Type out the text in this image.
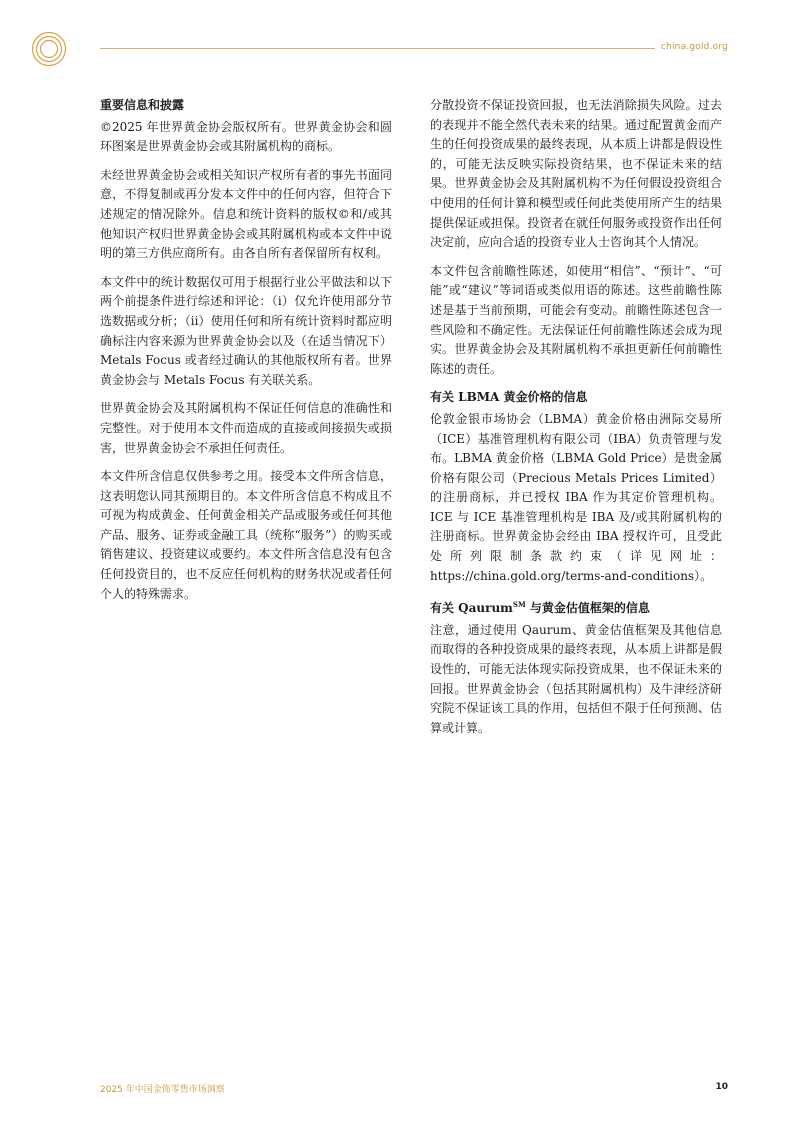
china.gold.org
重要信息和披露

©2025 年世界黄金协会版权所有。世界黄金协会和圆环图案是世界黄金协会或其附属机构的商标。

未经世界黄金协会或相关知识产权所有者的事先书面同意，不得复制或再分发本文件中的任何内容，但符合下述规定的情况除外。信息和统计资料的版权©和/或其他知识产权归世界黄金协会或其附属机构或本文件中说明的第三方供应商所有。由各自所有者保留所有权利。

本文件中的统计数据仅可用于根据行业公平做法和以下两个前提条件进行综述和评论：（i）仅允许使用部分节选数据或分析；（ii）使用任何和所有统计资料时都应明确标注内容来源为世界黄金协会以及（在适当情况下）Metals Focus 或者经过确认的其他版权所有者。世界黄金协会与 Metals Focus 有关联关系。

世界黄金协会及其附属机构不保证任何信息的准确性和完整性。对于使用本文件而造成的直接或间接损失或损害，世界黄金协会不承担任何责任。

本文件所含信息仅供参考之用。接受本文件所含信息，这表明您认同其预期目的。本文件所含信息不构成且不可视为构成黄金、任何黄金相关产品或服务或任何其他产品、服务、证券或金融工具（统称“服务”）的购买或销售建议、投资建议或要约。本文件所含信息没有包含任何投资目的，也不反应任何机构的财务状况或者任何个人的特殊需求。

分散投资不保证投资回报，也无法消除损失风险。过去的表现并不能全然代表未来的结果。通过配置黄金而产生的任何投资成果的最终表现，从本质上讲都是假设性的，可能无法反映实际投资结果，也不保证未来的结果。世界黄金协会及其附属机构不为任何假设投资组合中使用的任何计算和模型或任何此类使用所产生的结果提供保证或担保。投资者在就任何服务或投资作出任何决定前，应向合适的投资专业人士咨询其个人情况。

本文件包含前瞻性陈述，如使用“相信”、“预计”、“可能”或“建议”等词语或类似用语的陈述。这些前瞻性陈述是基于当前预期，可能会有变动。前瞻性陈述包含一些风险和不确定性。无法保证任何前瞻性陈述会成为现实。世界黄金协会及其附属机构不承担更新任何前瞻性陈述的责任。

有关 LBMA 黄金价格的信息

伦敦金银市场协会（LBMA）黄金价格由洲际交易所（ICE）基准管理机构有限公司（IBA）负责管理与发布。LBMA 黄金价格（LBMA Gold Price）是贵金属价格有限公司（Precious Metals Prices Limited）的注册商标，并已授权 IBA 作为其定价管理机构。ICE 与 ICE 基准管理机构是 IBA 及/或其附属机构的注册商标。世界黄金协会经由 IBA 授权许可，且受此处所列限制条款约束（详见网址：https://china.gold.org/terms-and-conditions）。

有关 Qaurum℠ 与黄金估值框架的信息

注意，通过使用 Qaurum、黄金估值框架及其他信息而取得的各种投资成果的最终表现，从本质上讲都是假设性的，可能无法体现实际投资成果，也不保证未来的回报。世界黄金协会（包括其附属机构）及牛津经济研究院不保证该工具的作用，包括但不限于任何预测、估算或计算。

2025 年中国金饰零售市场洞察	10
